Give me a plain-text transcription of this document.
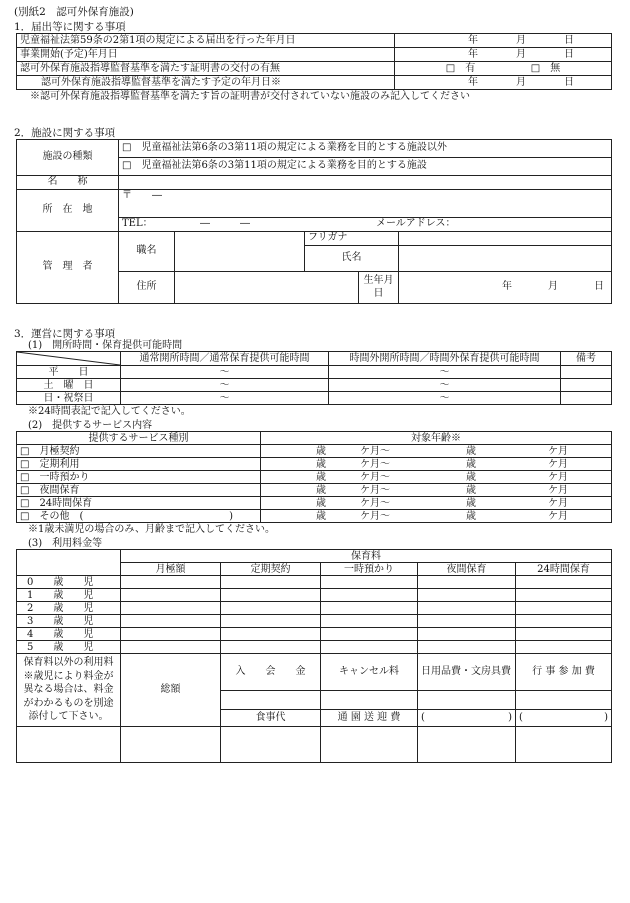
(別紙2　認可外保育施設)
1．届出等に関する事項
児童福祉法第59条の2第1項の規定による届出を行った年月日	年 月 日

事業開始(予定)年月日	年 月 日

認可外保育施設指導監督基準を満たす証明書の交付の有無	□　有 □　無

認可外保育施設指導監督基準を満たす予定の年月日※	年 月 日
※認可外保育施設指導監督基準を満たす旨の証明書が交付されていない施設のみ記入してください
2．施設に関する事項
施設の種類	□　児童福祉法第6条の3第11項の規定による業務を目的とする施設以外				
	□　児童福祉法第6条の3第11項の規定による業務を目的とする施設				
名　　称					
所　在　地	〒　　―				

	TEL： ―　　　― メールアドレス：				

管　理　者	職名		フリガナ		
			氏名		
	住所			生年月日	年 月 日

3．運営に関する事項
(1)　開所時間・保育提供可能時間
	通常開所時間／通常保育提供可能時間	時間外開所時間／時間外保育提供可能時間	備考
平　　日	～	～	
土　曜　日	～	～	
日・祝祭日	～	～	
※24時間表記で記入してください。
(2)　提供するサービス内容
提供するサービス種別	対象年齢※

□　月極契約	歳 ケ月～ 歳 ケ月

□　定期利用	歳 ケ月～ 歳 ケ月

□　一時預かり	歳 ケ月～ 歳 ケ月

□　夜間保育	歳 ケ月～ 歳 ケ月

□　24時間保育	歳 ケ月～ 歳 ケ月

□　その他　( )	歳 ケ月～ 歳 ケ月
※1歳未満児の場合のみ、月齢まで記入してください。
(3)　利用料金等
	保育料				
	月極額	定期契約	一時預かり	夜間保育	24時間保育
0　　歳　　児					
1　　歳　　児					
2　　歳　　児					
3　　歳　　児					
4　　歳　　児					
5　　歳　　児					
保育料以外の利用料※歳児により料金が異なる場合は、料金がわかるものを別途添付して下さい。	総額	入　　会　　金	キャンセル料	日用品費・文房具費	行 事 参 加 費

		食事代	通 園 送 迎 費	( )	( )
